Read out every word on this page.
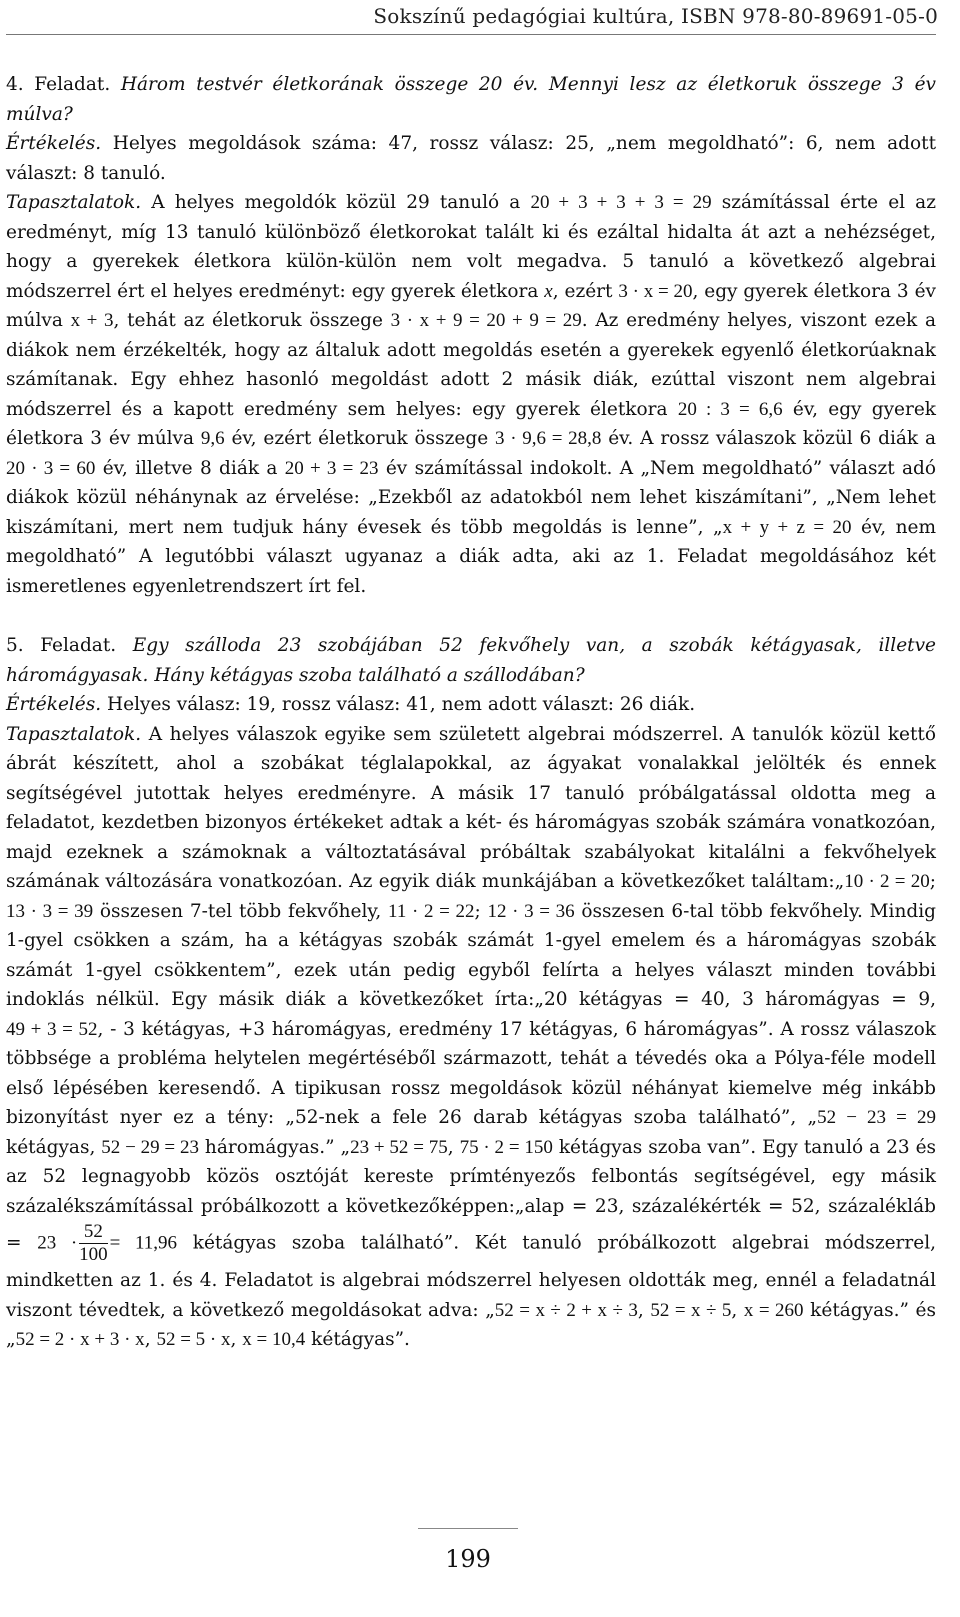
Sokszínű pedagógiai kultúra, ISBN 978-80-89691-05-0

4. Feladat. Három testvér életkorának összege 20 év. Mennyi lesz az életkoruk összege 3 év múlva?

Értékelés. Helyes megoldások száma: 47, rossz válasz: 25, „nem megoldható”: 6, nem adott választ: 8 tanuló.

Tapasztalatok. A helyes megoldók közül 29 tanuló a 20 + 3 + 3 + 3 = 29 számítással érte el az eredményt, míg 13 tanuló különböző életkorokat talált ki és ezáltal hidalta át azt a nehézséget, hogy a gyerekek életkora külön-külön nem volt megadva. 5 tanuló a következő algebrai módszerrel ért el helyes eredményt: egy gyerek életkora x, ezért 3 · x = 20, egy gyerek életkora 3 év múlva x + 3, tehát az életkoruk összege 3 · x + 9 = 20 + 9 = 29. Az eredmény helyes, viszont ezek a diákok nem érzékelték, hogy az általuk adott megoldás esetén a gyerekek egyenlő életkorúaknak számítanak. Egy ehhez hasonló megoldást adott 2 másik diák, ezúttal viszont nem algebrai módszerrel és a kapott eredmény sem helyes: egy gyerek életkora 20 : 3 = 6,6 év, egy gyerek életkora 3 év múlva 9,6 év, ezért életkoruk összege 3 · 9,6 = 28,8 év. A rossz válaszok közül 6 diák a 20 · 3 = 60 év, illetve 8 diák a 20 + 3 = 23 év számítással indokolt. A „Nem megoldható” választ adó diákok közül néhánynak az érvelése: „Ezekből az adatokból nem lehet kiszámítani”, „Nem lehet kiszámítani, mert nem tudjuk hány évesek és több megoldás is lenne”, „x + y + z = 20 év, nem megoldható” A legutóbbi választ ugyanaz a diák adta, aki az 1. Feladat megoldásához két ismeretlenes egyenletrendszert írt fel.

5. Feladat. Egy szálloda 23 szobájában 52 fekvőhely van, a szobák kétágyasak, illetve háromágyasak. Hány kétágyas szoba található a szállodában?

Értékelés. Helyes válasz: 19, rossz válasz: 41, nem adott választ: 26 diák.

Tapasztalatok. A helyes válaszok egyike sem született algebrai módszerrel. A tanulók közül kettő ábrát készített, ahol a szobákat téglalapokkal, az ágyakat vonalakkal jelölték és ennek segítségével jutottak helyes eredményre. A másik 17 tanuló próbálgatással oldotta meg a feladatot, kezdetben bizonyos értékeket adtak a két- és háromágyas szobák számára vonatkozóan, majd ezeknek a számoknak a változtatásával próbáltak szabályokat kitalálni a fekvőhelyek számának változására vonatkozóan. Az egyik diák munkájában a következőket találtam:„10 · 2 = 20; 13 · 3 = 39 összesen 7-tel több fekvőhely, 11 · 2 = 22; 12 · 3 = 36 összesen 6-tal több fekvőhely. Mindig 1-gyel csökken a szám, ha a kétágyas szobák számát 1-gyel emelem és a háromágyas szobák számát 1-gyel csökkentem”, ezek után pedig egyből felírta a helyes választ minden további indoklás nélkül. Egy másik diák a következőket írta:„20 kétágyas = 40, 3 háromágyas = 9, 49 + 3 = 52, - 3 kétágyas, +3 háromágyas, eredmény 17 kétágyas, 6 háromágyas”. A rossz válaszok többsége a probléma helytelen megértéséből származott, tehát a tévedés oka a Pólya-féle modell első lépésében keresendő. A tipikusan rossz megoldások közül néhányat kiemelve még inkább bizonyítást nyer ez a tény: „52-nek a fele 26 darab kétágyas szoba található”, „52 − 23 = 29 kétágyas, 52 − 29 = 23 háromágyas.” „23 + 52 = 75, 75 · 2 = 150 kétágyas szoba van”. Egy tanuló a 23 és az 52 legnagyobb közös osztóját kereste prímtényezős felbontás segítségével, egy másik százalékszámítással próbálkozott a következőképpen:„alap = 23, százalékérték = 52, százalékláb = $23 \cdot \frac{52}{100} = 11,96$ kétágyas szoba található”. Két tanuló próbálkozott algebrai módszerrel, mindketten az 1. és 4. Feladatot is algebrai módszerrel helyesen oldották meg, ennél a feladatnál viszont tévedtek, a következő megoldásokat adva: „52 = x ÷ 2 + x ÷ 3, 52 = x ÷ 5, x = 260 kétágyas.” és „52 = 2 · x + 3 · x, 52 = 5 · x, x = 10,4 kétágyas”.

199
